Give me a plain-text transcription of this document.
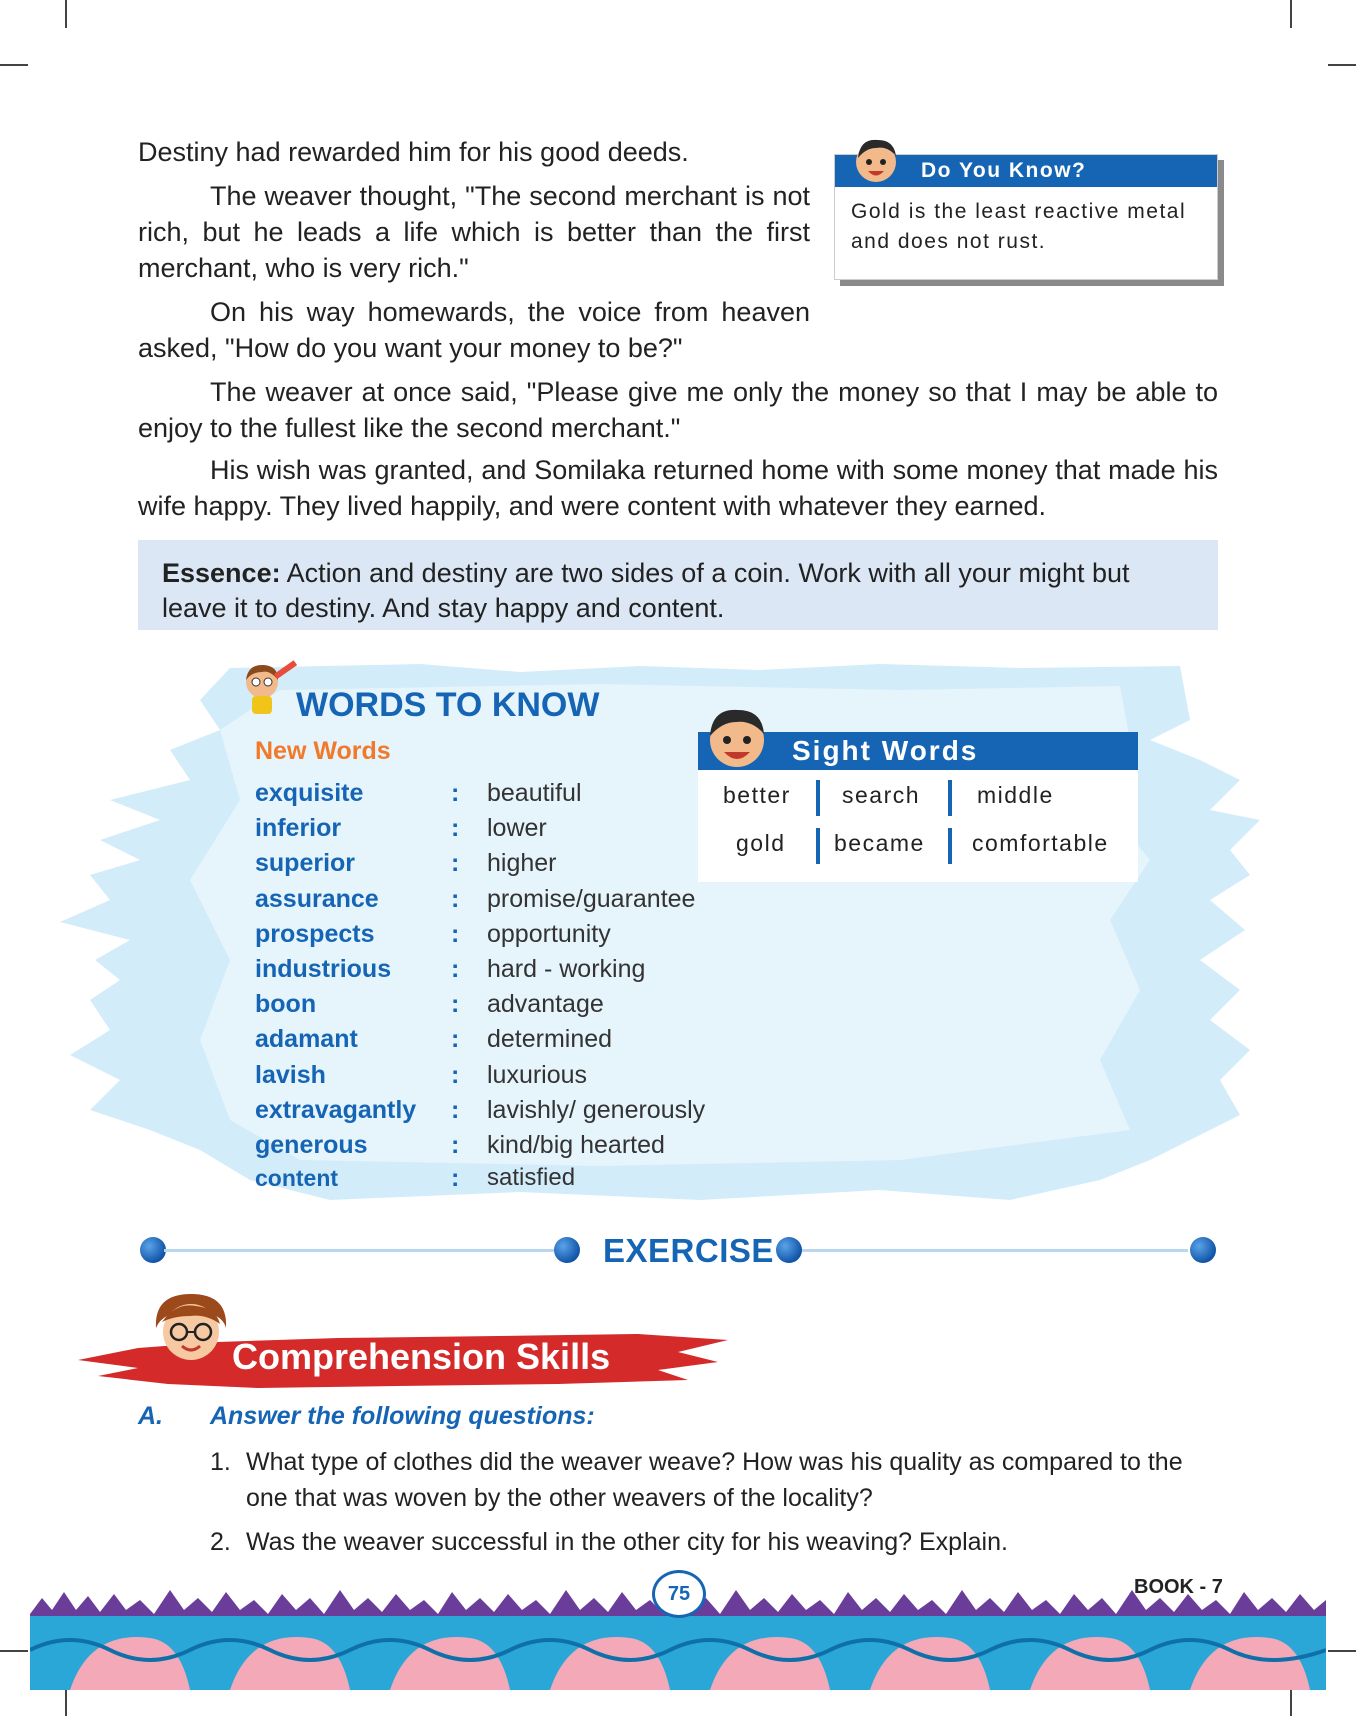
Destiny had rewarded him for his good deeds.

The weaver thought, "The second merchant is not rich, but he leads a life which is better than the first merchant, who is very rich."

On his way homewards, the voice from heaven asked, "How do you want your money to be?"

The weaver at once said, "Please give me only the money so that I may be able to enjoy to the fullest like the second merchant."

His wish was granted, and Somilaka returned home with some money that made his wife happy. They lived happily, and were content with whatever they earned.

Do You Know?
Gold is the least reactive metal and does not rust.
Essence: Action and destiny are two sides of a coin. Work with all your might but leave it to destiny. And stay happy and content.
WORDS TO KNOW
New Words
exquisite	: beautiful
inferior	: lower
superior	: higher
assurance	: promise/guarantee
prospects	: opportunity
industrious : hard - working
boon	: advantage
adamant	: determined
lavish	: luxurious
extravagantly : lavishly/ generously
generous	: kind/big hearted
content	: satisfied
Sight Words
better search middle
gold became comfortable
EXERCISE
Comprehension Skills
A. Answer the following questions:
1. What type of clothes did the weaver weave? How was his quality as compared to the one that was woven by the other weavers of the locality?
2. Was the weaver successful in the other city for his weaving? Explain.
75	BOOK - 7
